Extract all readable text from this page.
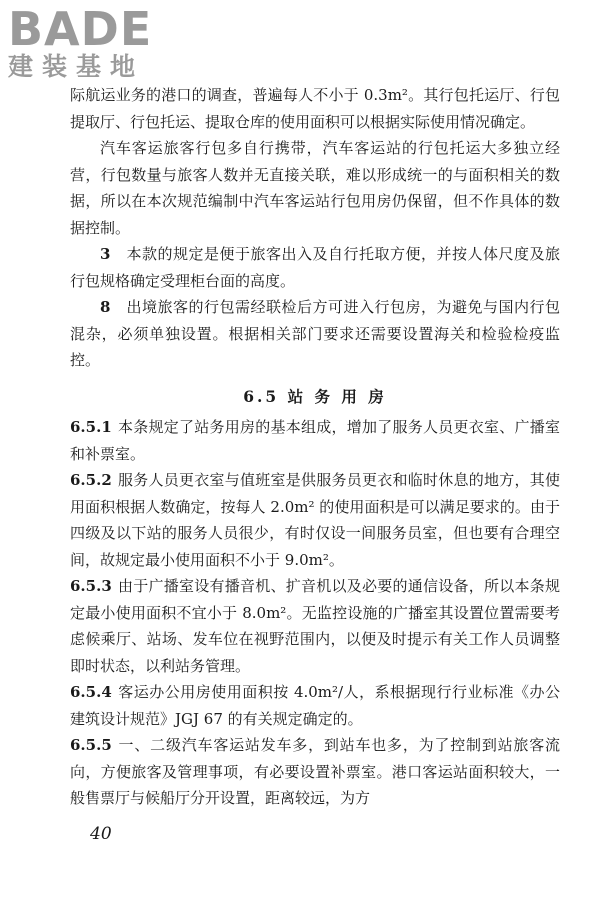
BADE
建装基地

际航运业务的港口的调查，普遍每人不小于 0.3m²。其行包托运厅、行包提取厅、行包托运、提取仓库的使用面积可以根据实际使用情况确定。

汽车客运旅客行包多自行携带，汽车客运站的行包托运大多独立经营，行包数量与旅客人数并无直接关联，难以形成统一的与面积相关的数据，所以在本次规范编制中汽车客运站行包用房仍保留，但不作具体的数据控制。

3　 本款的规定是便于旅客出入及自行托取方便，并按人体尺度及旅行包规格确定受理柜台面的高度。

8　 出境旅客的行包需经联检后方可进入行包房，为避免与国内行包混杂，必须单独设置。根据相关部门要求还需要设置海关和检验检疫监控。

6.5 站 务 用 房

6.5.1 本条规定了站务用房的基本组成，增加了服务人员更衣室、广播室和补票室。

6.5.2 服务人员更衣室与值班室是供服务员更衣和临时休息的地方，其使用面积根据人数确定，按每人 2.0m² 的使用面积是可以满足要求的。由于四级及以下站的服务人员很少，有时仅设一间服务员室，但也要有合理空间，故规定最小使用面积不小于 9.0m²。

6.5.3 由于广播室设有播音机、扩音机以及必要的通信设备，所以本条规定最小使用面积不宜小于 8.0m²。无监控设施的广播室其设置位置需要考虑候乘厅、站场、发车位在视野范围内，以便及时提示有关工作人员调整即时状态，以利站务管理。

6.5.4 客运办公用房使用面积按 4.0m²/人，系根据现行行业标准《办公建筑设计规范》JGJ 67 的有关规定确定的。

6.5.5 一、二级汽车客运站发车多，到站车也多，为了控制到站旅客流向，方便旅客及管理事项，有必要设置补票室。港口客运站面积较大，一般售票厅与候船厅分开设置，距离较远，为方

40
